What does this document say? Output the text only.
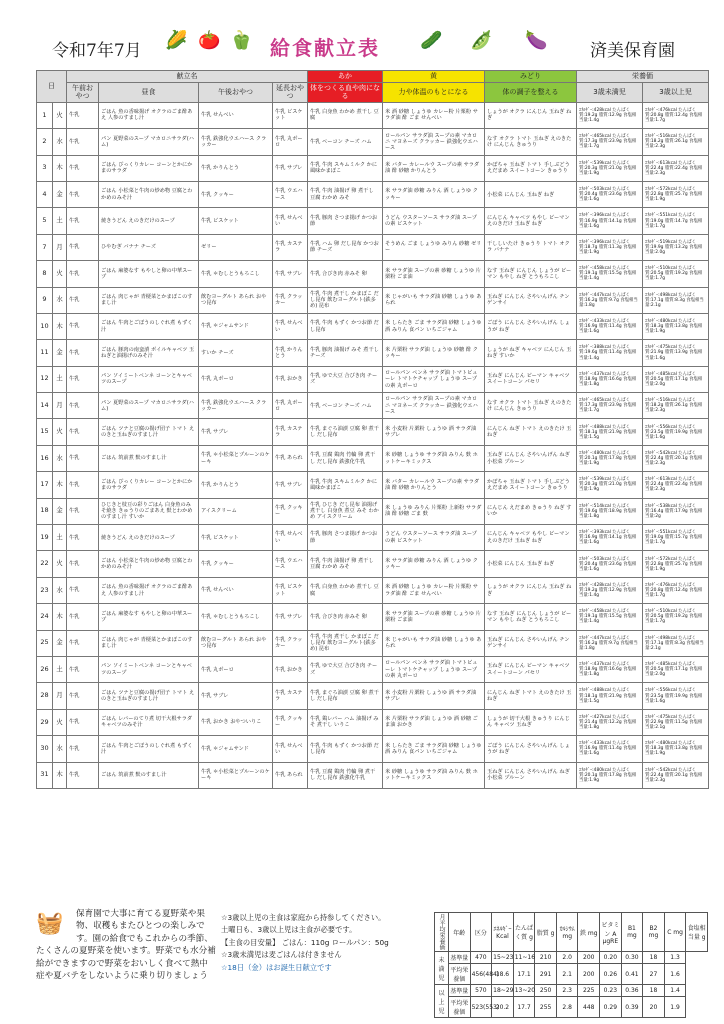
令和7年7月 🌽 🍅 🫑 給食献立表 🥒 🫛 🍆	済美保育園
日		献立名				あか	黄	みどり	栄養価	
		午前おやつ	昼食	午後おやつ	延長おやつ	体をつくる血や肉になる	力や体温のもとになる	体の調子を整える	3歳未満児	3歳以上児
1	火	牛乳	ごはん 魚の香味揚げ オクラのごま酢あえ 人参のすまし汁	牛乳 せんべい	牛乳 ビスケット	牛乳 白身魚 わかめ 煮干し 豆腐	米 酒 砂糖 しょうゆ カレー粉 片栗粉 サラダ油 酢 ごま せんべい	しょうが オクラ にんじん 玉ねぎ ねぎ	ｴﾈﾙｷﾞｰ:428kcal たんぱく質:19.2g 脂質:12.9g 食塩相当量:1.4g	ｴﾈﾙｷﾞｰ:476kcal たんぱく質:20.8g 脂質:12.4g 食塩相当量:1.7g
2	水	牛乳	パン 夏野菜のスープ マカロニサラダ(ハム)	牛乳 鉄強化ウエハース クラッカー	牛乳 丸ボーロ	牛乳 ベーコン チーズ ハム	ロールパン サラダ油 スープの素 マカロニ マヨネーズ クラッカー 鉄強化ウエハース	なす オクラ トマト 玉ねぎ えのきたけ にんじん きゅうり	ｴﾈﾙｷﾞｰ:465kcal たんぱく質:17.3g 脂質:23.9g 食塩相当量:1.7g	ｴﾈﾙｷﾞｰ:516kcal たんぱく質:18.2g 脂質:26.1g 食塩相当量:2.3g
3	木	牛乳	ごはん びっくりカレー コーンとかにかまのサラダ	牛乳 かりんとう	牛乳 サブレ	牛乳 牛肉 スキムミルク かに風味かまぼこ	米 バター カレールウ スープの素 サラダ油 酢 砂糖 かりんとう	かぼちゃ 玉ねぎ トマト 手しぶどう えだまめ スイートコーン きゅうり	ｴﾈﾙｷﾞｰ:539kcal たんぱく質:20.3g 脂質:21.0g 食塩相当量:1.9g	ｴﾈﾙｷﾞｰ:613kcal たんぱく質:22.4g 脂質:22.4g 食塩相当量:2.3g
4	金	牛乳	ごはん 小松菜と牛肉の炒め物 豆腐とわかめのみそ汁	牛乳 クッキー	牛乳 ウエハース	牛乳 牛肉 油揚げ 卵 煮干し 豆腐 わかめ みそ	米 サラダ油 砂糖 みりん 酒 しょうゆ クッキー	小松菜 にんじん 玉ねぎ ねぎ	ｴﾈﾙｷﾞｰ:503kcal たんぱく質:20.4g 脂質:23.6g 食塩相当量:1.6g	ｴﾈﾙｷﾞｰ:572kcal たんぱく質:22.8g 脂質:25.7g 食塩相当量:1.9g
5	土	牛乳	焼きうどん えのきだけのスープ	牛乳 ビスケット	牛乳 せんべい	牛乳 豚肉 さつま揚げ かつお節	うどん ウスターソース サラダ油 スープの素 ビスケット	にんじん キャベツ もやし ピーマン えのきだけ 玉ねぎ ねぎ	ｴﾈﾙｷﾞｰ:396kcal たんぱく質:16.9g 脂質:14.1g 食塩相当量:1.6g	ｴﾈﾙｷﾞｰ:551kcal たんぱく質:19.0g 脂質:14.7g 食塩相当量:1.7g
7	月	牛乳	ひやむぎ バナナ チーズ	ゼリー	牛乳 カステラ	牛乳 ハム 卵 だし昆布 かつお節 チーズ	そうめん ごま しょうゆ みりん 砂糖 ゼリー	干ししいたけ きゅうり トマト オクラ バナナ	ｴﾈﾙｷﾞｰ:396kcal たんぱく質:18.7g 脂質:11.3g 食塩相当量:1.9g	ｴﾈﾙｷﾞｰ:519kcal たんぱく質:19.9g 脂質:13.2g 食塩相当量:2.0g
8	火	牛乳	ごはん 麻婆なす もやしと卵の中華スープ	牛乳 ＊むしとうもろこし	牛乳 サブレ	牛乳 合びき肉 赤みそ 卵	米 サラダ油 スープの素 砂糖 しょうゆ 片栗粉 ごま油	なす 玉ねぎ にんじん しょうが ピーマン もやし ねぎ とうもろこし	ｴﾈﾙｷﾞｰ:458kcal たんぱく質:19.1g 脂質:15.5g 食塩相当量:1.4g	ｴﾈﾙｷﾞｰ:510kcal たんぱく質:20.5g 脂質:19.2g 食塩相当量:1.7g
9	水	牛乳	ごはん 肉じゃが 青梗菜とかまぼこのすまし汁	飲むヨーグルト あられ おやつ昆布	牛乳 クラッカー	牛乳 牛肉 煮干し かまぼこ だし昆布 飲むヨーグルト(鉄多め) 昆布	米 じゃがいも サラダ油 砂糖 しょうゆ あられ	玉ねぎ にんじん さやいんげん チンゲンサイ	ｴﾈﾙｷﾞｰ:447kcal たんぱく質:16.2g 脂質:9.7g 食塩相当量:1.8g	ｴﾈﾙｷﾞｰ:498kcal たんぱく質:17.1g 脂質:8.3g 食塩相当量:2.1g
10	木	牛乳	ごはん 牛肉とごぼうのしぐれ煮 もずく汁	牛乳 ＊ジャムサンド	牛乳 せんべい	牛乳 牛肉 もずく かつお節 だし昆布	米 しらたき ごま サラダ油 砂糖 しょうゆ 酒 みりん 食パン いちごジャム	ごぼう にんじん さやいんげん しょうが ねぎ	ｴﾈﾙｷﾞｰ:433kcal たんぱく質:16.9g 脂質:11.4g 食塩相当量:1.6g	ｴﾈﾙｷﾞｰ:480kcal たんぱく質:18.3g 脂質:13.8g 食塩相当量:1.9g
11	金	牛乳	ごはん 豚肉の南蛮漬 ボイルキャベツ 玉ねぎと油揚げのみそ汁	すいか チーズ	牛乳 かりんとう	牛乳 豚肉 油揚げ みそ 煮干し チーズ	米 片栗粉 サラダ油 しょうゆ 砂糖 酢 クッキー	しょうが ねぎ キャベツ にんじん 玉ねぎ すいか	ｴﾈﾙｷﾞｰ:388kcal たんぱく質:19.6g 脂質:11.4g 食塩相当量:1.4g	ｴﾈﾙｷﾞｰ:475kcal たんぱく質:21.9g 脂質:13.9g 食塩相当量:1.6g
12	土	牛乳	パン ソイミートペンネ コーンとキャベツのスープ	牛乳 丸ボーロ	牛乳 おかき	牛乳 ゆで大豆 合びき肉 チーズ	ロールパン ペンネ サラダ油 トマトピューレ トマトケチャップ しょうゆ スープの素 丸ボーロ	玉ねぎ にんじん ピーマン キャベツ スイートコーン パセリ	ｴﾈﾙｷﾞｰ:437kcal たんぱく質:18.9g 脂質:16.6g 食塩相当量:1.8g	ｴﾈﾙｷﾞｰ:485kcal たんぱく質:20.5g 脂質:17.1g 食塩相当量:2.0g
14	月	牛乳	パン 夏野菜のスープ マカロニサラダ(ハム)	牛乳 鉄強化ウエハース クラッカー	牛乳 丸ボーロ	牛乳 ベーコン チーズ ハム	ロールパン サラダ油 スープの素 マカロニ マヨネーズ クラッカー 鉄強化ウエハース	なす オクラ トマト 玉ねぎ えのきたけ にんじん きゅうり	ｴﾈﾙｷﾞｰ:465kcal たんぱく質:17.3g 脂質:23.9g 食塩相当量:1.7g	ｴﾈﾙｷﾞｰ:516kcal たんぱく質:18.2g 脂質:26.1g 食塩相当量:2.3g
15	火	牛乳	ごはん ツナと豆腐の揚げ団子 トマト えのきと玉ねぎのすまし汁	牛乳 サブレ	牛乳 カステラ	牛乳 まぐろ油漬 豆腐 卵 煮干し だし昆布	米 小麦粉 片栗粉 しょうゆ 酒 サラダ油 サブレ	にんじん ねぎ トマト えのきたけ 玉ねぎ	ｴﾈﾙｷﾞｰ:488kcal たんぱく質:18.1g 脂質:21.9g 食塩相当量:1.5g	ｴﾈﾙｷﾞｰ:556kcal たんぱく質:23.5g 脂質:19.9g 食塩相当量:1.6g
16	水	牛乳	ごはん 筑前煮 麩のすまし汁	牛乳 ＊小松菜とプルーンのケーキ	牛乳 あられ	牛乳 豆腐 鶏肉 竹輪 卵 煮干し だし昆布 鉄強化牛乳	米 砂糖 しょうゆ サラダ油 みりん 麩 ホットケーキミックス	玉ねぎ にんじん さやいんげん ねぎ 小松菜 プルーン	ｴﾈﾙｷﾞｰ:480kcal たんぱく質:20.1g 脂質:17.8g 食塩相当量:1.9g	ｴﾈﾙｷﾞｰ:542kcal たんぱく質:22.4g 脂質:20.1g 食塩相当量:2.3g
17	木	牛乳	ごはん びっくりカレー コーンとかにかまのサラダ	牛乳 かりんとう	牛乳 サブレ	牛乳 牛肉 スキムミルク かに風味かまぼこ	米 バター カレールウ スープの素 サラダ油 酢 砂糖 かりんとう	かぼちゃ 玉ねぎ トマト 手しぶどう えだまめ スイートコーン きゅうり	ｴﾈﾙｷﾞｰ:539kcal たんぱく質:20.3g 脂質:21.0g 食塩相当量:1.9g	ｴﾈﾙｷﾞｰ:613kcal たんぱく質:22.4g 脂質:22.4g 食塩相当量:2.3g
18	金	牛乳	ひじきと枝豆の彩りごはん 白身魚のみそ焼き きゅうりのごまあえ 麩とわかめのすまし汁 すいか	アイスクリーム	牛乳 クッキー	牛乳 ひじき だし昆布 油揚げ 煮干し 白身魚 煮豆 みそ わかめ アイスクリーム	米 しょうゆ みりん 片栗粉 上新粉 サラダ油 酢 砂糖 ごま 麩	にんじん えだまめ きゅうり ねぎ すいか	ｴﾈﾙｷﾞｰ:514kcal たんぱく質:19.6g 脂質:18.9g 食塩相当量:1.8g	ｴﾈﾙｷﾞｰ:538kcal たんぱく質:16.4g 脂質:17.9g 食塩相当量:2g
19	土	牛乳	焼きうどん えのきだけのスープ	牛乳 ビスケット	牛乳 せんべい	牛乳 豚肉 さつま揚げ かつお節	うどん ウスターソース サラダ油 スープの素 ビスケット	にんじん キャベツ もやし ピーマン えのきだけ 玉ねぎ ねぎ	ｴﾈﾙｷﾞｰ:393kcal たんぱく質:16.9g 脂質:14.1g 食塩相当量:1.6g	ｴﾈﾙｷﾞｰ:551kcal たんぱく質:19.0g 脂質:15.7g 食塩相当量:1.7g
22	火	牛乳	ごはん 小松菜と牛肉の炒め物 豆腐とわかめのみそ汁	牛乳 クッキー	牛乳 ウエハース	牛乳 牛肉 油揚げ 卵 煮干し 豆腐 わかめ みそ	米 サラダ油 砂糖 みりん 酒 しょうゆ クッキー	小松菜 にんじん 玉ねぎ ねぎ	ｴﾈﾙｷﾞｰ:503kcal たんぱく質:20.4g 脂質:23.6g 食塩相当量:1.6g	ｴﾈﾙｷﾞｰ:572kcal たんぱく質:22.8g 脂質:25.7g 食塩相当量:1.9g
23	水	牛乳	ごはん 魚の香味揚げ オクラのごま酢あえ 人参のすまし汁	牛乳 せんべい	牛乳 ビスケット	牛乳 白身魚 わかめ 煮干し 豆腐	米 酒 砂糖 しょうゆ カレー粉 片栗粉 サラダ油 酢 ごま せんべい	しょうが オクラ にんじん 玉ねぎ ねぎ	ｴﾈﾙｷﾞｰ:428kcal たんぱく質:19.2g 脂質:12.9g 食塩相当量:1.4g	ｴﾈﾙｷﾞｰ:476kcal たんぱく質:20.8g 脂質:12.4g 食塩相当量:1.7g
24	木	牛乳	ごはん 麻婆なす もやしと卵の中華スープ	牛乳 ＊むしとうもろこし	牛乳 サブレ	牛乳 合びき肉 赤みそ 卵	米 サラダ油 スープの素 砂糖 しょうゆ 片栗粉 ごま油	なす 玉ねぎ にんじん しょうが ピーマン もやし ねぎ とうもろこし	ｴﾈﾙｷﾞｰ:458kcal たんぱく質:19.1g 脂質:15.5g 食塩相当量:1.4g	ｴﾈﾙｷﾞｰ:510kcal たんぱく質:20.5g 脂質:19.2g 食塩相当量:1.7g
25	金	牛乳	ごはん 肉じゃが 青梗菜とかまぼこのすまし汁	飲むヨーグルト あられ おやつ昆布	牛乳 クラッカー	牛乳 牛肉 煮干し かまぼこ だし昆布 飲むヨーグルト(鉄多め) 昆布	米 じゃがいも サラダ油 砂糖 しょうゆ あられ	玉ねぎ にんじん さやいんげん チンゲンサイ	ｴﾈﾙｷﾞｰ:447kcal たんぱく質:16.2g 脂質:9.7g 食塩相当量:1.8g	ｴﾈﾙｷﾞｰ:498kcal たんぱく質:17.1g 脂質:8.3g 食塩相当量:2.1g
26	土	牛乳	パン ソイミートペンネ コーンとキャベツのスープ	牛乳 丸ボーロ	牛乳 おかき	牛乳 ゆで大豆 合びき肉 チーズ	ロールパン ペンネ サラダ油 トマトピューレ トマトケチャップ しょうゆ スープの素 丸ボーロ	玉ねぎ にんじん ピーマン キャベツ スイートコーン パセリ	ｴﾈﾙｷﾞｰ:437kcal たんぱく質:18.9g 脂質:16.6g 食塩相当量:1.8g	ｴﾈﾙｷﾞｰ:485kcal たんぱく質:20.5g 脂質:17.1g 食塩相当量:2.0g
28	月	牛乳	ごはん ツナと豆腐の揚げ団子 トマト えのきと玉ねぎのすまし汁	牛乳 サブレ	牛乳 カステラ	牛乳 まぐろ油漬 豆腐 卵 煮干し だし昆布	米 小麦粉 片栗粉 しょうゆ 酒 サラダ油 サブレ	にんじん ねぎ トマト えのきたけ 玉ねぎ	ｴﾈﾙｷﾞｰ:488kcal たんぱく質:18.1g 脂質:21.9g 食塩相当量:1.5g	ｴﾈﾙｷﾞｰ:556kcal たんぱく質:23.5g 脂質:19.9g 食塩相当量:1.6g
29	火	牛乳	ごはん レバーのてり煮 切干大根サラダ キャベツのみそ汁	牛乳 おかき おやついりこ	牛乳 クッキー	牛乳 鶏レバー ハム 油揚げ みそ 煮干し いりこ	米 片栗粉 サラダ油 しょうゆ 酒 砂糖 ごま油 おかき	しょうが 切干大根 きゅうり にんじん キャベツ 玉ねぎ	ｴﾈﾙｷﾞｰ:427kcal たんぱく質:21.4g 脂質:12.2g 食塩相当量:1.8g	ｴﾈﾙｷﾞｰ:475kcal たんぱく質:22.9g 脂質:11.5g 食塩相当量:2.1g
30	水	牛乳	ごはん 牛肉とごぼうのしぐれ煮 もずく汁	牛乳 ＊ジャムサンド	牛乳 せんべい	牛乳 牛肉 もずく かつお節 だし昆布	米 しらたき ごま サラダ油 砂糖 しょうゆ 酒 みりん 食パン いちごジャム	ごぼう にんじん さやいんげん しょうが ねぎ	ｴﾈﾙｷﾞｰ:433kcal たんぱく質:16.9g 脂質:11.4g 食塩相当量:1.6g	ｴﾈﾙｷﾞｰ:480kcal たんぱく質:18.3g 脂質:13.8g 食塩相当量:1.9g
31	木	牛乳	ごはん 筑前煮 麩のすまし汁	牛乳 ＊小松菜とプルーンのケーキ	牛乳 あられ	牛乳 豆腐 鶏肉 竹輪 卵 煮干し だし昆布 鉄強化牛乳	米 砂糖 しょうゆ サラダ油 みりん 麩 ホットケーキミックス	玉ねぎ にんじん さやいんげん ねぎ 小松菜 プルーン	ｴﾈﾙｷﾞｰ:480kcal たんぱく質:20.1g 脂質:17.8g 食塩相当量:1.9g	ｴﾈﾙｷﾞｰ:542kcal たんぱく質:22.4g 脂質:20.1g 食塩相当量:2.3g
🧺	保育園で大事に育てる夏野菜や果物、収穫もまたひとつの楽しみです。園の給食でもこれからの季節、たくさんの夏野菜を使います。野菜でも水分補給ができますので野菜をおいしく食べて熱中症や夏バテをしないように乗り切りましょう
☆3歳以上児の主食は家庭から持参してください。
土曜日も、3歳以上児は主食が必要です。
【主食の目安量】 ごはん：110g ロールパン：50g
☆3歳未満児は麦ごはんは付きません
☆18日（金）はお誕生日献立です
月平均栄養価	年齢	区分	ｴﾈﾙｷﾞｰ Kcal	たんぱく質 g	脂質 g	ｶﾙｼｳﾑ mg	鉄 mg	ビタミン A μgRE	B1 mg	B2 mg	C mg	食塩相当量 g
未満児	基準量	470	15~23	11~16	210	2.0	200	0.20	0.30	18	1.3	
	平均栄養価	456(484)	18.6	17.1	291	2.1	200	0.26	0.41	27	1.6	
以上児	基準量	570	18~29	13~20	250	2.3	225	0.23	0.36	18	1.4	
	平均栄養価	523(553)	20.2	17.7	255	2.8	448	0.29	0.39	20	1.9	
